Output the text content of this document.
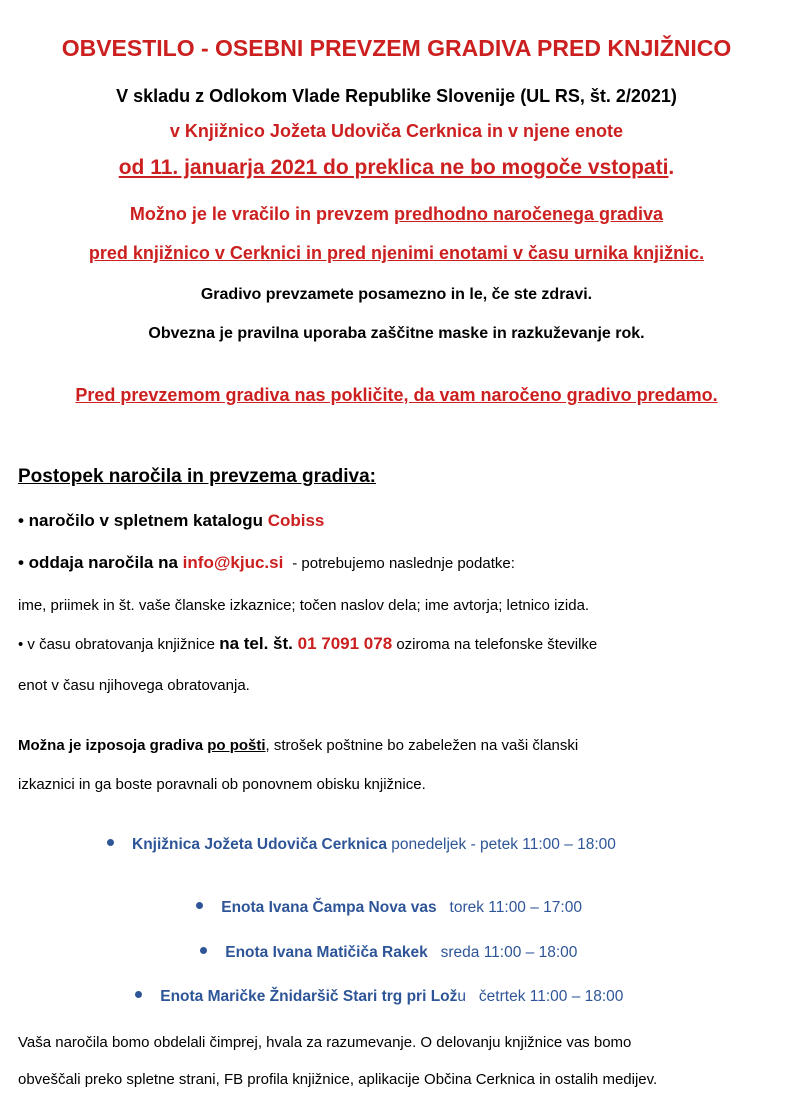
OBVESTILO - OSEBNI PREVZEM GRADIVA PRED KNJIŽNICO
V skladu z Odlokom Vlade Republike Slovenije (UL RS, št. 2/2021)
v Knjižnico Jožeta Udoviča Cerknica in v njene enote
od 11. januarja 2021 do preklica ne bo mogoče vstopati.
Možno je le vračilo in prevzem predhodno naročenega gradiva
pred knjižnico v Cerknici in pred njenimi enotami v času urnika knjižnic.
Gradivo prevzamete posamezno in le, če ste zdravi.
Obvezna je pravilna uporaba zaščitne maske in razkuževanje rok.
Pred prevzemom gradiva nas pokličite, da vam naročeno gradivo predamo.
Postopek naročila in prevzema gradiva:
• naročilo v spletnem katalogu Cobiss
• oddaja naročila na info@kjuc.si  - potrebujemo naslednje podatke:
ime, priimek in št. vaše članske izkaznice; točen naslov dela; ime avtorja; letnico izida.
• v času obratovanja knjižnice na tel. št. 01 7091 078 oziroma na telefonske številke
enot v času njihovega obratovanja.
Možna je izposoja gradiva po pošti, strošek poštnine bo zabeležen na vaši članski
izkaznici in ga boste poravnali ob ponovnem obisku knjižnice.
Knjižnica Jožeta Udoviča Cerknica ponedeljek - petek 11:00 – 18:00

Enota Ivana Čampa Nova vas   torek 11:00 – 17:00

Enota Ivana Matičiča Rakek   sreda 11:00 – 18:00

Enota Maričke Žnidaršič Stari trg pri Ložu   četrtek 11:00 – 18:00

Vaša naročila bomo obdelali čimprej, hvala za razumevanje. O delovanju knjižnice vas bomo
obveščali preko spletne strani, FB profila knjižnice, aplikacije Občina Cerknica in ostalih medijev.
